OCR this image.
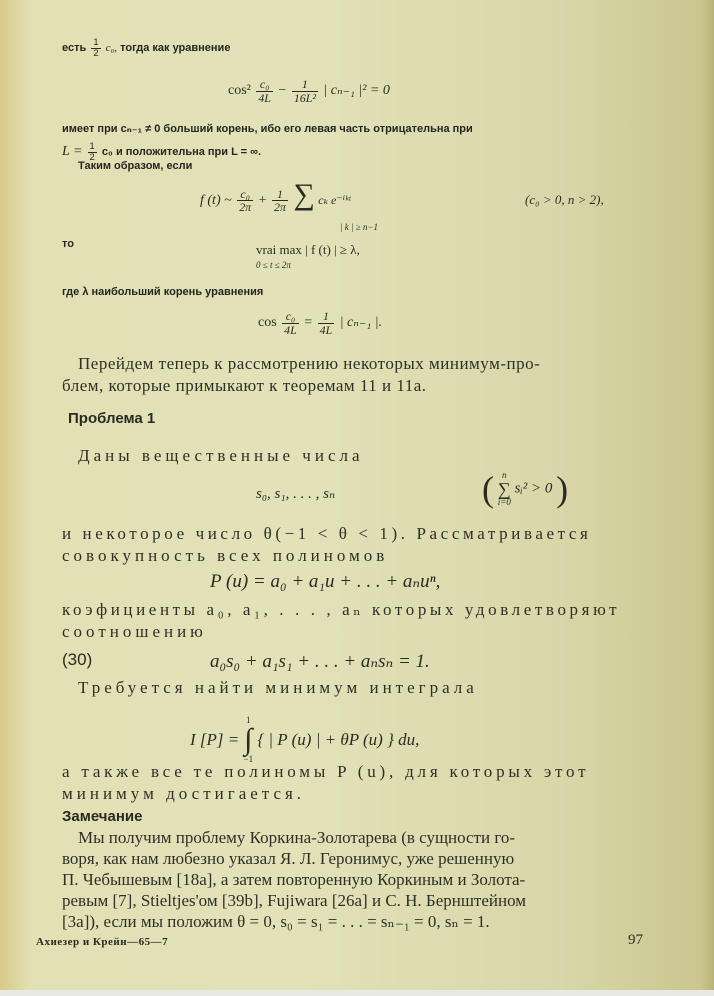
есть $\frac{1}{2} c_0$, тогда как уравнение
$\cos^2 \frac{\text{c₀}}{4L} - \frac{1}{\text{16L²}}$ | cₙ₋₁ |² = 0
имеет при cₙ₋₁ ≠ 0 больший корень, ибо его левая часть отрицательна при
$L = \frac{1}{2} c_0$ и положительна при L = ∞.
Таким образом, если
f (t) ~ $\frac{\text{c₀}}{2\pi} + \frac{1}{2\pi}$ ∑ cₖ e⁻ⁱᵏᵗ
| k | ≥ n−1
(c₀ > 0, n > 2),
то	vrai max | f (t) | ≥ λ,
0 ≤ t ≤ 2π
где λ наибольший корень уравнения
$\cos \frac{\text{c₀}}{4L} = \frac{1}{4L}$ | cₙ₋₁ |.
Перейдем теперь к рассмотрению некоторых минимум-про-
блем, которые примыкают к теоремам 11 и 11а.
Проблема 1
Даны вещественные числа
s₀, s₁, . . . , sₙ	( n
∑
i=0
sᵢ² > 0 )
и некоторое число θ(−1 < θ < 1). Рассматривается
совокупность всех полиномов
P (u) = a₀ + a₁u + . . . + aₙuⁿ,
коэфициенты a₀, a₁, . . . , aₙ которых удовлетворяют
соотношению
(30)	a₀s₀ + a₁s₁ + . . . + aₙsₙ = 1.
Требуется найти минимум интеграла
I [P] =
1
∫
−1
{ | P (u) | + θP (u) } du,
а также все те полиномы P (u), для которых этот
минимум достигается.
Замечание
Мы получим проблему Коркина-Золотарева (в сущности го-
воря, как нам любезно указал Я. Л. Геронимус, уже решенную
П. Чебышевым [18а], а затем повторенную Коркиным и Золота-
ревым [7], Stieltjes'ом [39b], Fujiwara [26a] и С. Н. Бернштейном
[3a]), если мы положим θ = 0, s₀ = s₁ = . . . = sₙ₋₁ = 0, sₙ = 1.
Ахиезер и Крейн—65—7	97
